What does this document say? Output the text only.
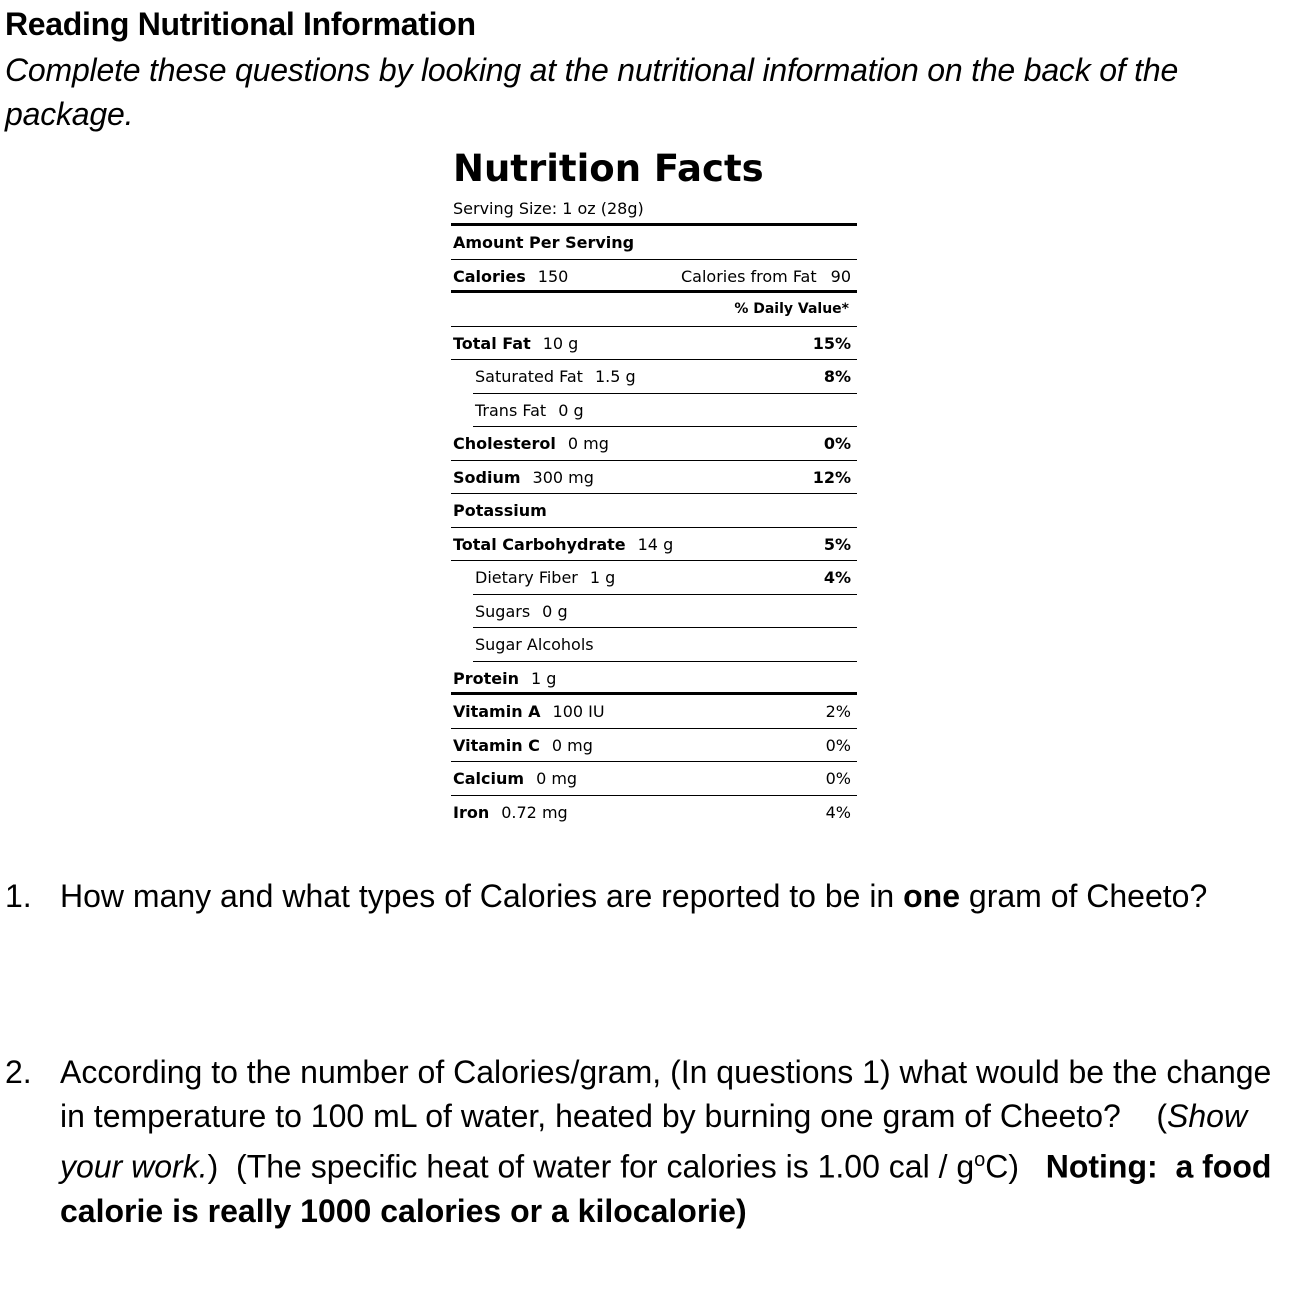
Reading Nutritional Information
Complete these questions by looking at the nutritional information on the back of the package.
Nutrition Facts
Serving Size: 1 oz (28g)
Amount Per Serving
Calories 150	Calories from Fat 90
% Daily Value*
Total Fat 10 g	15%
Saturated Fat 1.5 g	8%
Trans Fat 0 g
Cholesterol 0 mg	0%
Sodium 300 mg	12%
Potassium
Total Carbohydrate 14 g	5%
Dietary Fiber 1 g	4%
Sugars 0 g
Sugar Alcohols
Protein 1 g
Vitamin A 100 IU	2%
Vitamin C 0 mg	0%
Calcium 0 mg	0%
Iron 0.72 mg	4%
1. How many and what types of Calories are reported to be in one gram of Cheeto?
2. According to the number of Calories/gram, (In questions 1) what would be the change in temperature to 100 mL of water, heated by burning one gram of Cheeto?    (Show your work.)  (The specific heat of water for calories is 1.00 cal / $g^oC$)   Noting:  a food calorie is really 1000 calories or a kilocalorie)
